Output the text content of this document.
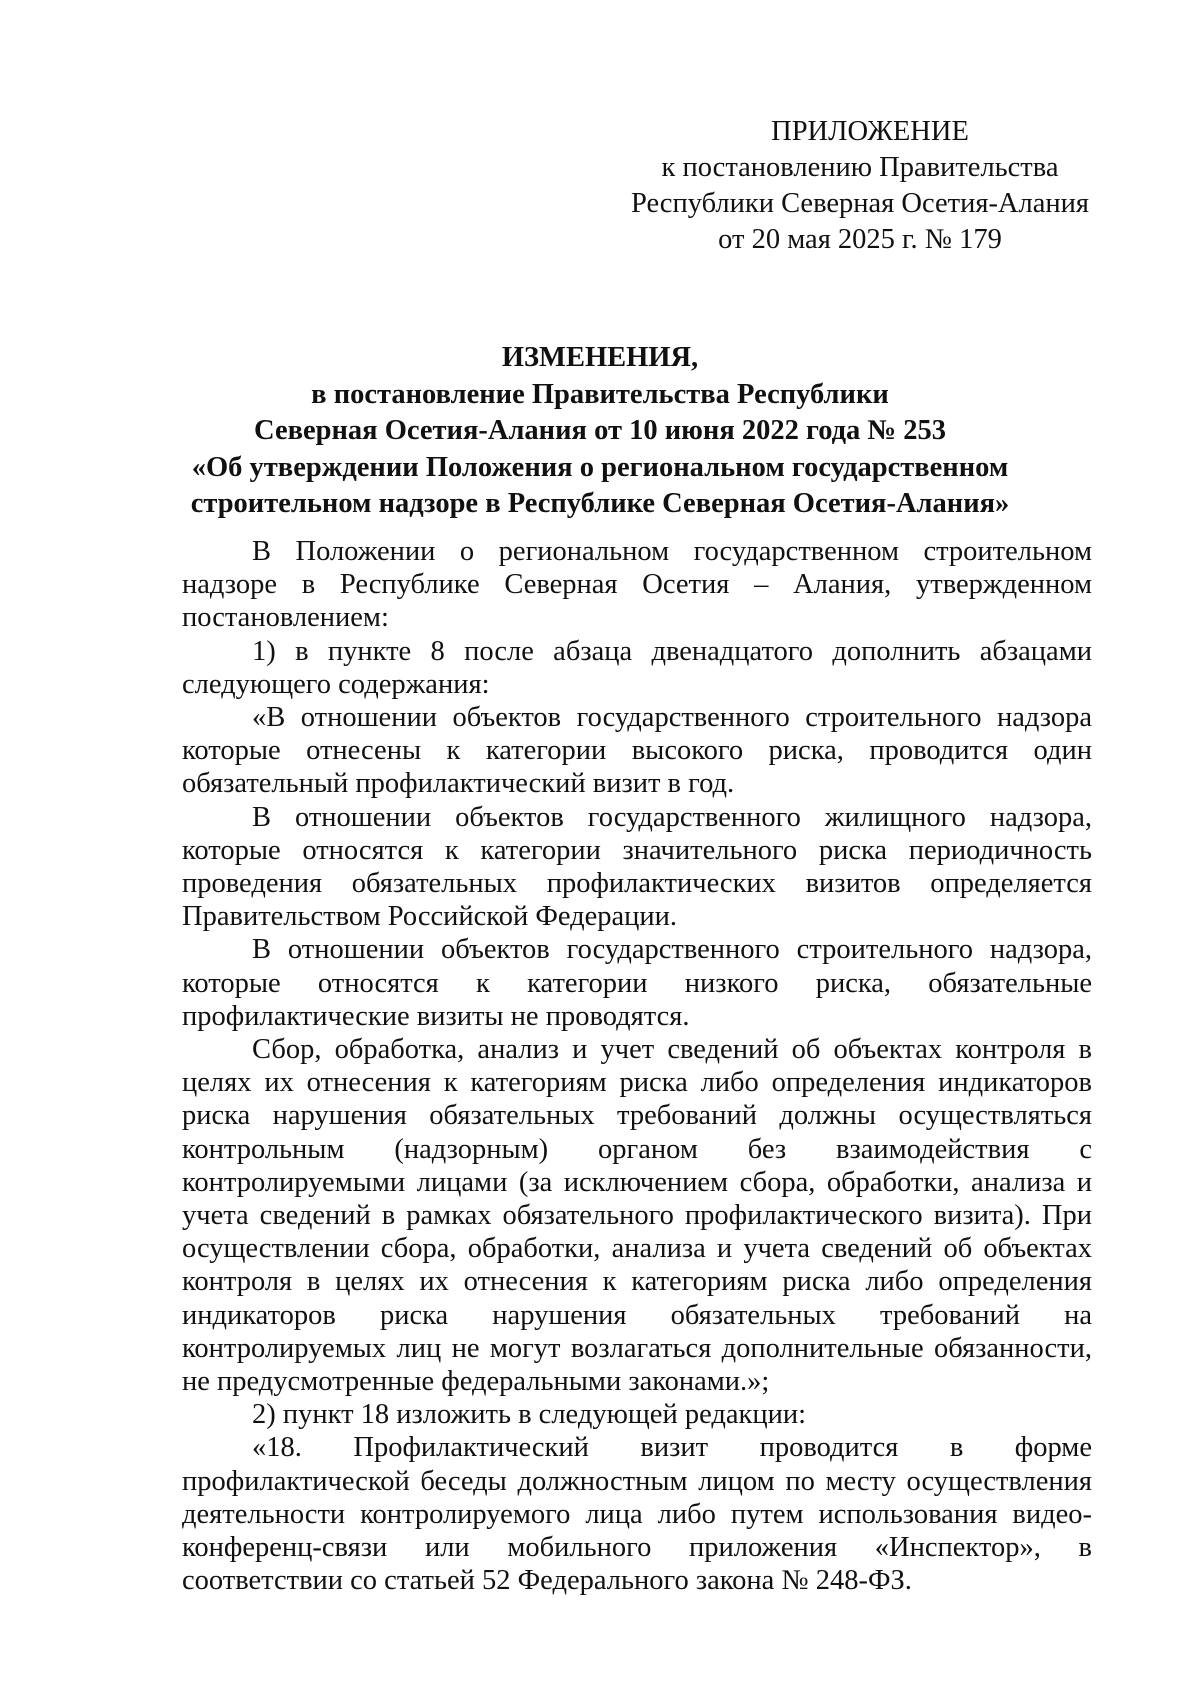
ПРИЛОЖЕНИЕ
к постановлению Правительства
Республики Северная Осетия-Алания
от 20 мая 2025 г. № 179
ИЗМЕНЕНИЯ,
в постановление Правительства Республики
Северная Осетия-Алания от 10 июня 2022 года № 253
«Об утверждении Положения о региональном государственном
строительном надзоре в Республике Северная Осетия-Алания»

В Положении о региональном государственном строительном надзоре в Республике Северная Осетия – Алания, утвержденном постановлением:

1) в пункте 8 после абзаца двенадцатого дополнить абзацами следующего содержания:

«В отношении объектов государственного строительного надзора которые отнесены к категории высокого риска, проводится один обязательный профилактический визит в год.

В отношении объектов государственного жилищного надзора, которые относятся к категории значительного риска периодичность проведения обязательных профилактических визитов определяется Правительством Российской Федерации.

В отношении объектов государственного строительного надзора, которые относятся к категории низкого риска, обязательные профилактические визиты не проводятся.

Сбор, обработка, анализ и учет сведений об объектах контроля в целях их отнесения к категориям риска либо определения индикаторов риска нарушения обязательных требований должны осуществляться контрольным (надзорным) органом без взаимодействия с контролируемыми лицами (за исключением сбора, обработки, анализа и учета сведений в рамках обязательного профилактического визита). При осуществлении сбора, обработки, анализа и учета сведений об объектах контроля в целях их отнесения к категориям риска либо определения индикаторов риска нарушения обязательных требований на контролируемых лиц не могут возлагаться дополнительные обязанности, не предусмотренные федеральными законами.»;

2) пункт 18 изложить в следующей редакции:

«18. Профилактический визит проводится в форме профилактической беседы должностным лицом по месту осуществления деятельности контролируемого лица либо путем использования видео-конференц-связи или мобильного приложения «Инспектор», в соответствии со статьей 52 Федерального закона № 248-ФЗ.
